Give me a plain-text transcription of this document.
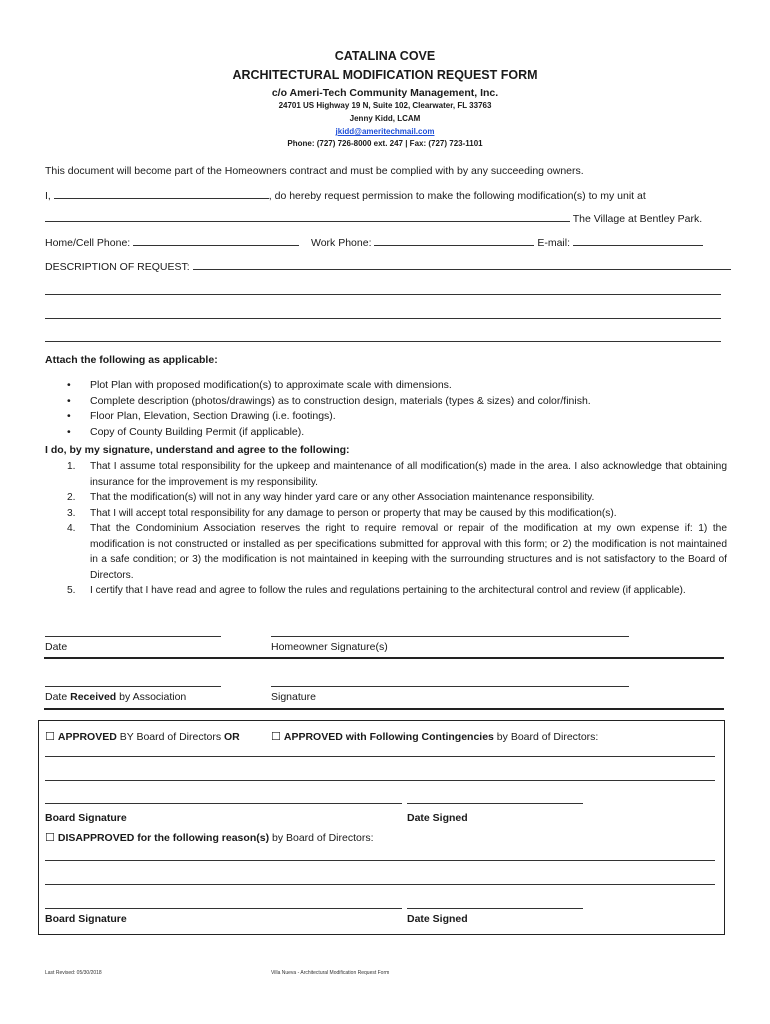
CATALINA COVE
ARCHITECTURAL MODIFICATION REQUEST FORM
c/o Ameri-Tech Community Management, Inc.
24701 US Highway 19 N, Suite 102, Clearwater, FL 33763
Jenny Kidd, LCAM
jkidd@ameritechmail.com
Phone: (727) 726-8000 ext. 247 | Fax: (727) 723-1101
This document will become part of the Homeowners contract and must be complied with by any succeeding owners.
I,	, do hereby request permission to make the following modification(s) to my unit at
The Village at Bentley Park.
Home/Cell Phone:	Work Phone:	E-mail:
DESCRIPTION OF REQUEST:
Attach the following as applicable:
• Plot Plan with proposed modification(s) to approximate scale with dimensions.
• Complete description (photos/drawings) as to construction design, materials (types & sizes) and color/finish.
• Floor Plan, Elevation, Section Drawing (i.e. footings).
• Copy of County Building Permit (if applicable).
I do, by my signature, understand and agree to the following:
1. That I assume total responsibility for the upkeep and maintenance of all modification(s) made in the area. I also acknowledge that obtaining insurance for the improvement is my responsibility.
2. That the modification(s) will not in any way hinder yard care or any other Association maintenance responsibility.
3. That I will accept total responsibility for any damage to person or property that may be caused by this modification(s).
4. That the Condominium Association reserves the right to require removal or repair of the modification at my own expense if: 1) the modification is not constructed or installed as per specifications submitted for approval with this form; or 2) the modification is not maintained in a safe condition; or 3) the modification is not maintained in keeping with the surrounding structures and is not satisfactory to the Board of Directors.
5. I certify that I have read and agree to follow the rules and regulations pertaining to the architectural control and review (if applicable).
Date	Homeowner Signature(s)
Date Received by Association	Signature
☐ APPROVED BY Board of Directors OR	☐ APPROVED with Following Contingencies by Board of Directors:
Board Signature	Date Signed
☐ DISAPPROVED for the following reason(s) by Board of Directors:
Board Signature	Date Signed
Last Revised: 05/30/2018	Villa Nueva - Architectural Modification Request Form
